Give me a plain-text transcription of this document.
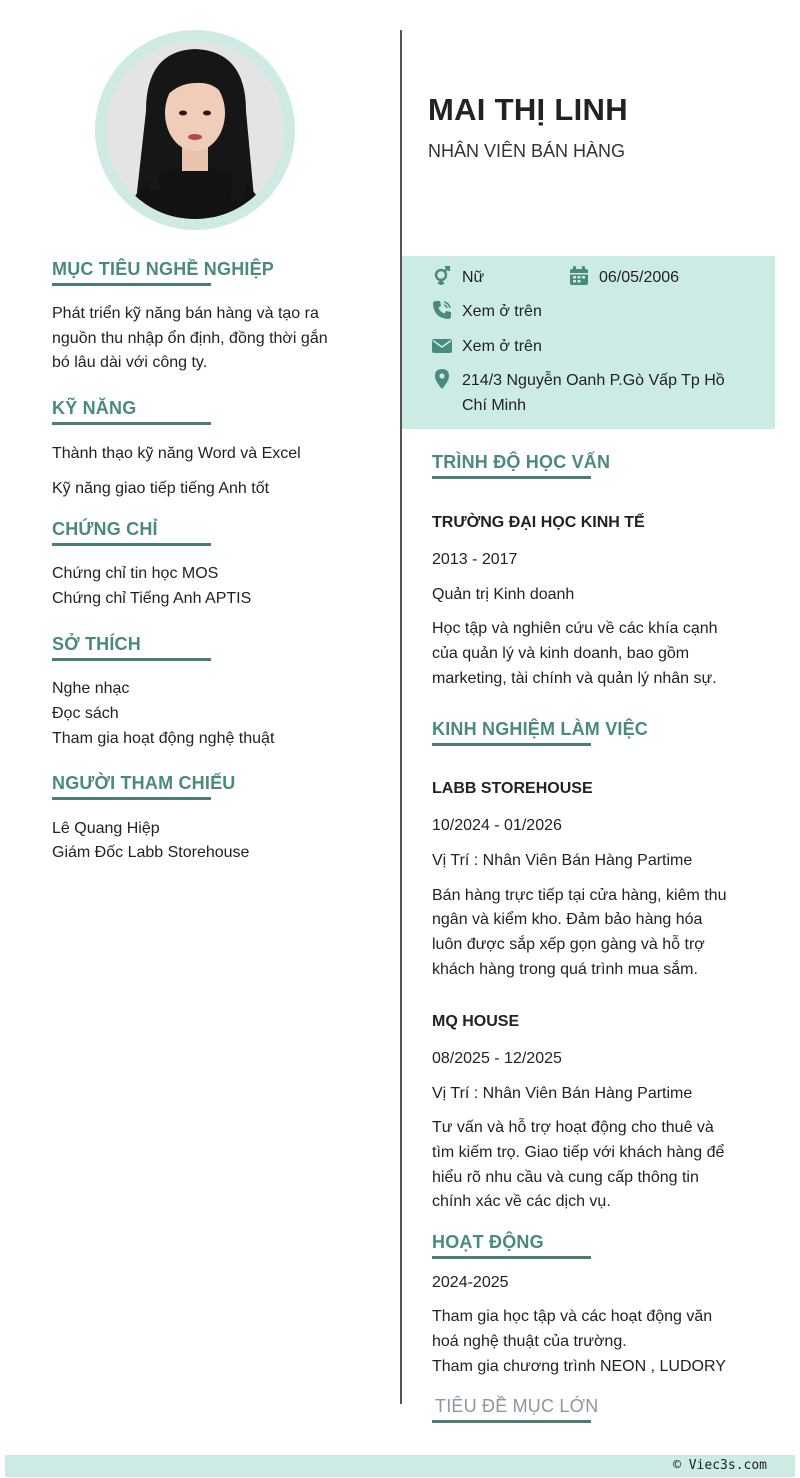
MAI THỊ LINH
NHÂN VIÊN BÁN HÀNG
Nữ	06/05/2006
Xem ở trên
Xem ở trên
214/3 Nguyễn Oanh P.Gò Vấp Tp Hồ
Chí Minh
MỤC TIÊU NGHỀ NGHIỆP
Phát triển kỹ năng bán hàng và tạo ra
nguồn thu nhập ổn định, đồng thời gắn
bó lâu dài với công ty.
KỸ NĂNG
Thành thạo kỹ năng Word và Excel
Kỹ năng giao tiếp tiếng Anh tốt
CHỨNG CHỈ
Chứng chỉ tin học MOS
Chứng chỉ Tiếng Anh APTIS
SỞ THÍCH
Nghe nhạc
Đọc sách
Tham gia hoạt động nghệ thuật
NGƯỜI THAM CHIẾU
Lê Quang Hiệp
Giám Đốc Labb Storehouse
TRÌNH ĐỘ HỌC VẤN
TRƯỜNG ĐẠI HỌC KINH TẾ
2013 - 2017
Quản trị Kinh doanh
Học tập và nghiên cứu về các khía cạnh
của quản lý và kinh doanh, bao gồm
marketing, tài chính và quản lý nhân sự.
KINH NGHIỆM LÀM VIỆC
LABB STOREHOUSE
10/2024 - 01/2026
Vị Trí : Nhân Viên Bán Hàng Partime
Bán hàng trực tiếp tại cửa hàng, kiêm thu
ngân và kiểm kho. Đảm bảo hàng hóa
luôn được sắp xếp gọn gàng và hỗ trợ
khách hàng trong quá trình mua sắm.
MQ HOUSE
08/2025 - 12/2025
Vị Trí : Nhân Viên Bán Hàng Partime
Tư vấn và hỗ trợ hoạt động cho thuê và
tìm kiếm trọ. Giao tiếp với khách hàng để
hiểu rõ nhu cầu và cung cấp thông tin
chính xác về các dịch vụ.
HOẠT ĐỘNG
2024-2025
Tham gia học tập và các hoạt động văn
hoá nghệ thuật của trường.
Tham gia chương trình NEON , LUDORY
TIÊU ĐỀ MỤC LỚN
© Viec3s.com
